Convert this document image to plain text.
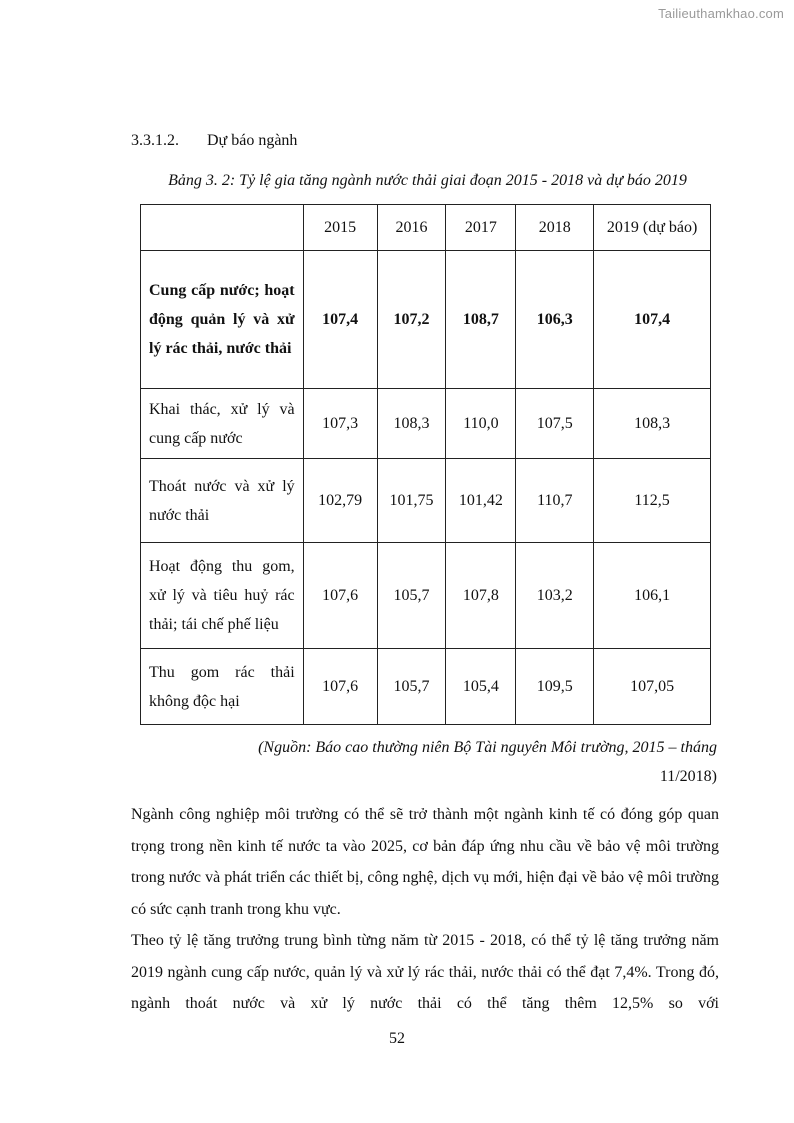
Tailieuthamkhao.com
3.3.1.2. Dự báo ngành
Bảng 3. 2: Tỷ lệ gia tăng ngành nước thải giai đoạn 2015 - 2018 và dự báo 2019
	2015	2016	2017	2018	2019 (dự báo)
Cung cấp nước; hoạt động quản lý và xử lý rác thải, nước thải	107,4	107,2	108,7	106,3	107,4
Khai thác, xử lý và cung cấp nước	107,3	108,3	110,0	107,5	108,3
Thoát nước và xử lý nước thải	102,79	101,75	101,42	110,7	112,5
Hoạt động thu gom, xử lý và tiêu huỷ rác thải; tái chế phế liệu	107,6	105,7	107,8	103,2	106,1
Thu gom rác thải không độc hại	107,6	105,7	105,4	109,5	107,05
(Nguồn: Báo cao thường niên Bộ Tài nguyên Môi trường, 2015 – tháng
11/2018)

Ngành công nghiệp môi trường có thể sẽ trở thành một ngành kinh tế có đóng góp quan trọng trong nền kinh tế nước ta vào 2025, cơ bản đáp ứng nhu cầu về bảo vệ môi trường trong nước và phát triển các thiết bị, công nghệ, dịch vụ mới, hiện đại về bảo vệ môi trường có sức cạnh tranh trong khu vực.

Theo tỷ lệ tăng trưởng trung bình từng năm từ 2015 - 2018, có thể tỷ lệ tăng trưởng năm 2019 ngành cung cấp nước, quản lý và xử lý rác thải, nước thải có thể đạt 7,4%. Trong đó, ngành thoát nước và xử lý nước thải có thể tăng thêm 12,5% so với

52
